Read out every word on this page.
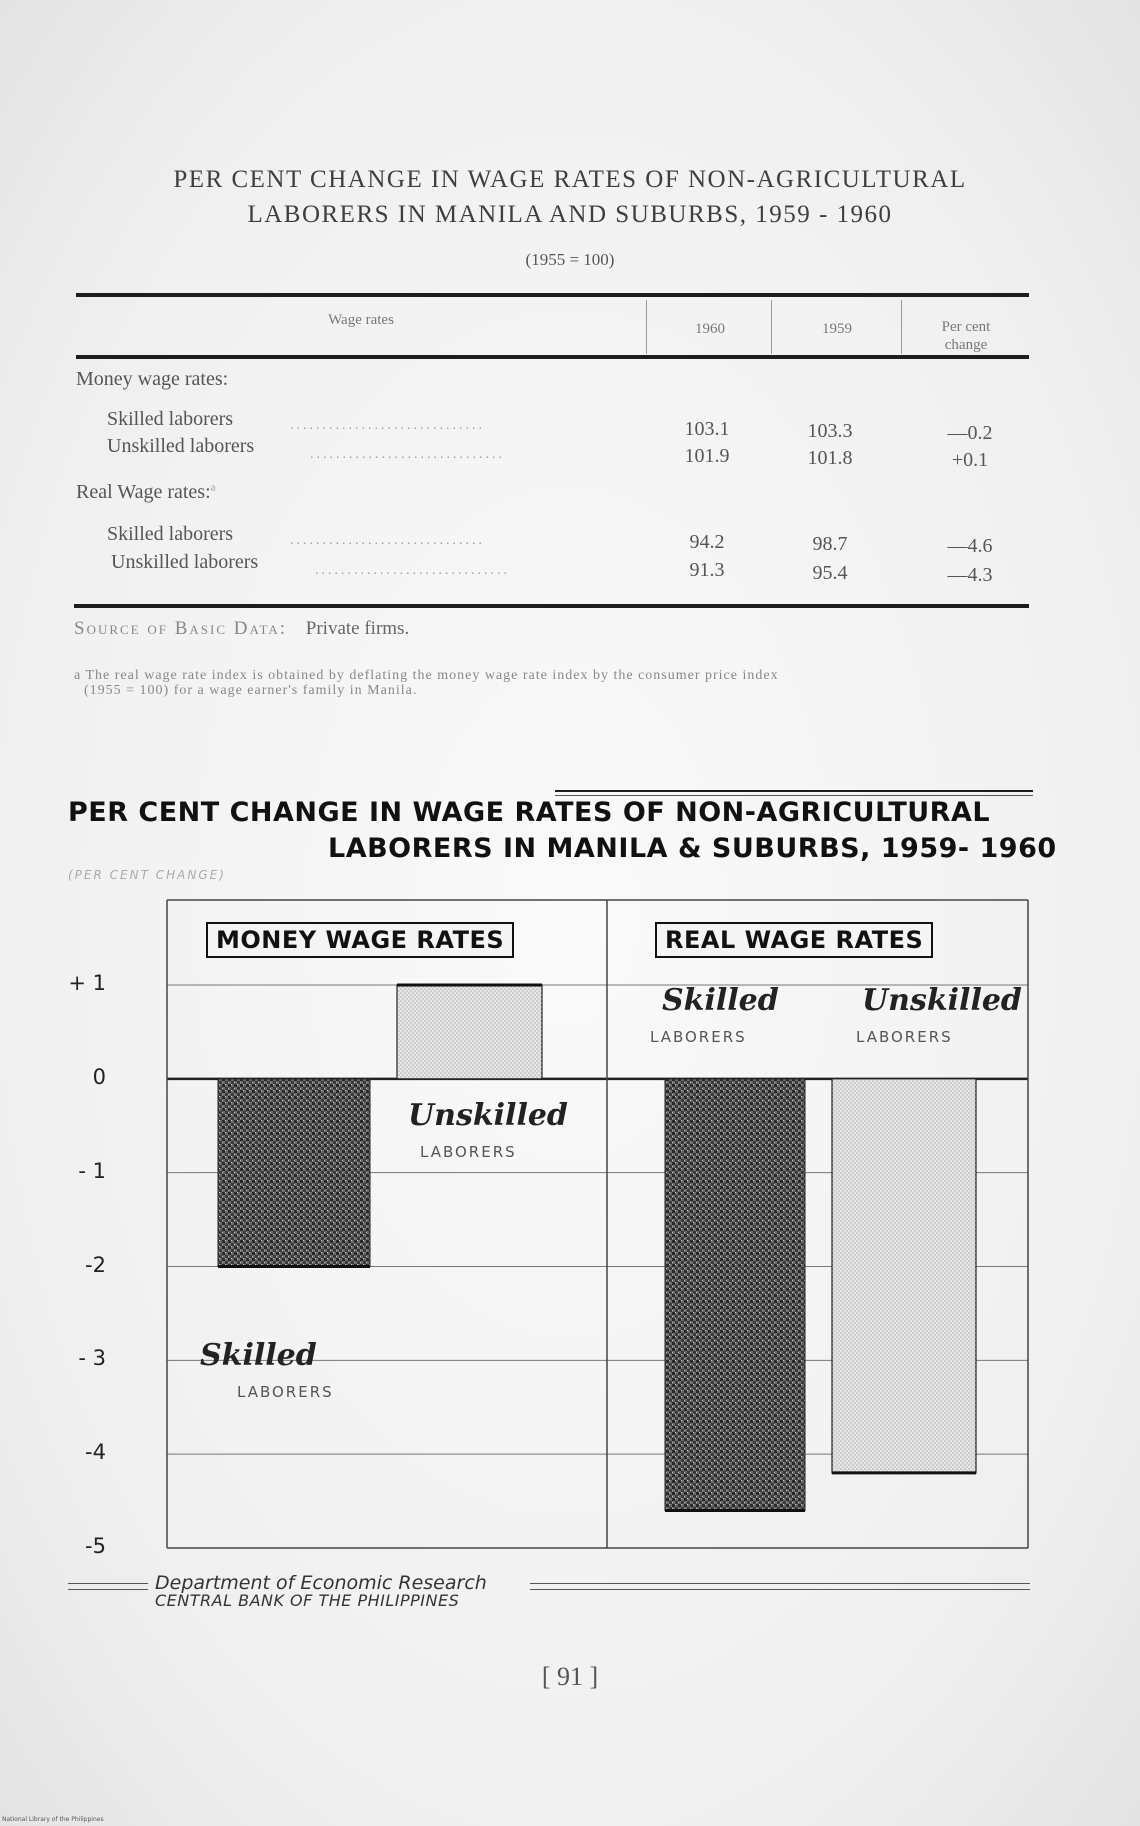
PER CENT CHANGE IN WAGE RATES OF NON-AGRICULTURAL
LABORERS IN MANILA AND SUBURBS, 1959 - 1960
(1955 = 100)
Wage rates
1960	1959	Per cent
change
Money wage rates:
Skilled laborers	..............................	103.1	103.3	—0.2
Unskilled laborers	..............................	101.9	101.8	+0.1
Real Wage rates:$^a$
Skilled laborers	..............................	94.2	98.7	—4.6
Unskilled laborers	..............................	91.3	95.4	—4.3
Source of Basic Data: Private firms.
a The real wage rate index is obtained by deflating the money wage rate index by the consumer price index
(1955 = 100) for a wage earner's family in Manila.
PER CENT CHANGE IN WAGE RATES OF NON-AGRICULTURAL
LABORERS IN MANILA & SUBURBS, 1959- 1960
(PER CENT CHANGE)
+ 1
0
- 1
-2
- 3
-4
-5
MONEY WAGE RATES	REAL WAGE RATES
Unskilled
LABORERS
Skilled
LABORERS
Skilled
LABORERS
Unskilled
LABORERS
Department of Economic Research
CENTRAL BANK OF THE PHILIPPINES
[ 91 ]
National Library of the Philippines
